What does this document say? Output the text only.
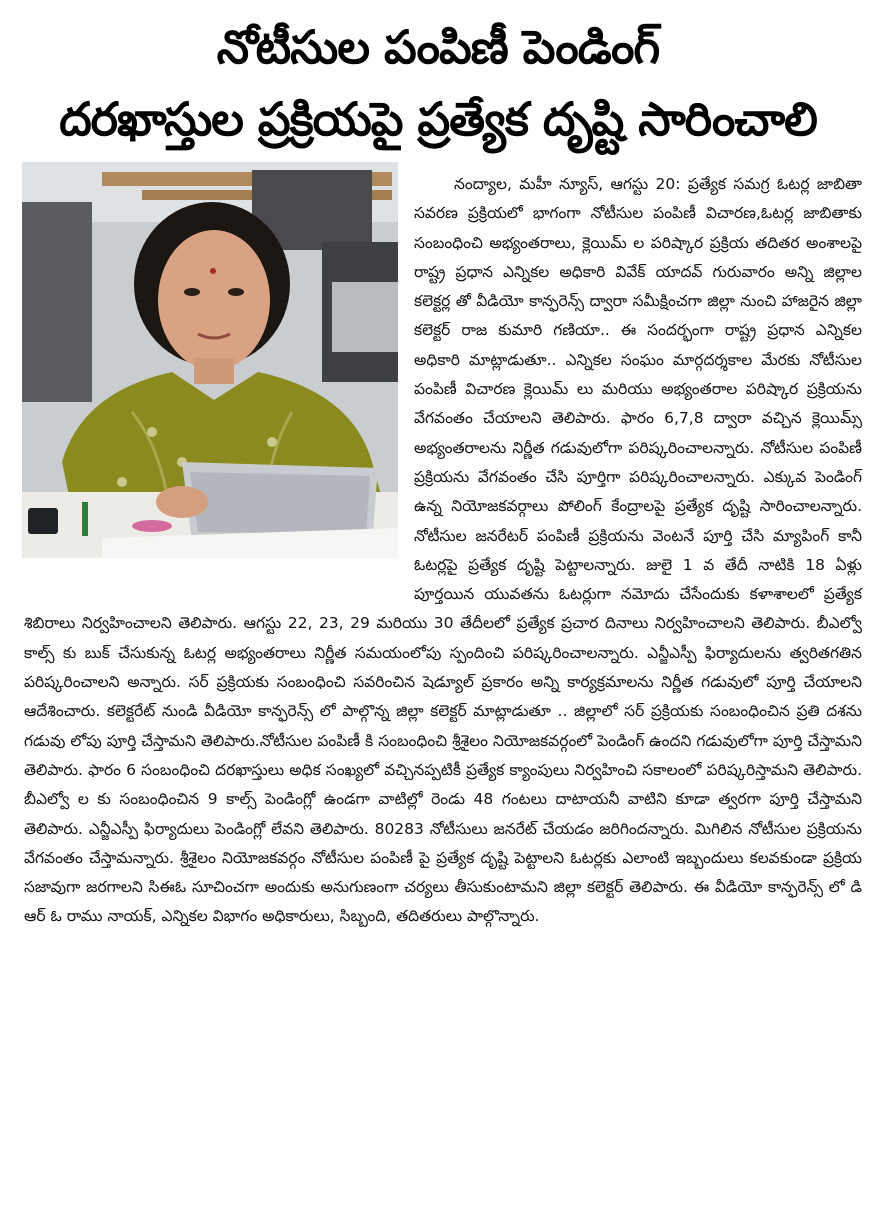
నోటీసుల పంపిణీ పెండింగ్
దరఖాస్తుల ప్రక్రియపై ప్రత్యేక దృష్టి సారించాలి

నంద్యాల, మహీ న్యూస్, ఆగస్టు 20: ప్రత్యేక సమగ్ర ఓటర్ల జాబితా సవరణ ప్రక్రియలో భాగంగా నోటీసుల పంపిణీ విచారణ,ఓటర్ల జాబితాకు సంబంధించి అభ్యంతరాలు, క్లెయిమ్ ల పరిష్కార ప్రక్రియ తదితర అంశాలపై రాష్ట్ర ప్రధాన ఎన్నికల అధికారి వివేక్ యాదవ్ గురువారం అన్ని జిల్లాల కలెక్టర్ల తో వీడియో కాన్ఫరెన్స్ ద్వారా సమీక్షించగా జిల్లా నుంచి హాజరైన జిల్లా కలెక్టర్ రాజ కుమారి గణియా.. ఈ సందర్భంగా రాష్ట్ర ప్రధాన ఎన్నికల అధికారి మాట్లాడుతూ.. ఎన్నికల సంఘం మార్గదర్శకాల మేరకు నోటీసుల పంపిణీ విచారణ క్లెయిమ్ లు మరియు అభ్యంతరాల పరిష్కార ప్రక్రియను వేగవంతం చేయాలని తెలిపారు. ఫారం 6,7,8 ద్వారా వచ్చిన క్లెయిమ్స్ అభ్యంతరాలను నిర్ణీత గడువులోగా పరిష్కరించాలన్నారు. నోటీసుల పంపిణీ ప్రక్రియను వేగవంతం చేసి పూర్తిగా పరిష్కరించాలన్నారు. ఎక్కువ పెండింగ్ ఉన్న నియోజకవర్గాలు పోలింగ్ కేంద్రాలపై ప్రత్యేక దృష్టి సారించాలన్నారు. నోటీసుల జనరేటర్ పంపిణీ ప్రక్రియను వెంటనే పూర్తి చేసి మ్యాపింగ్ కానీ ఓటర్లపై ప్రత్యేక దృష్టి పెట్టాలన్నారు. జులై 1 వ తేదీ నాటికి 18 ఏళ్లు పూర్తయిన యువతను ఓటర్లుగా నమోదు చేసేందుకు కళాశాలలో ప్రత్యేక శిబిరాలు నిర్వహించాలని తెలిపారు. ఆగస్టు 22, 23, 29 మరియు 30 తేదీలలో ప్రత్యేక ప్రచార దినాలు నిర్వహించాలని తెలిపారు. బీఎల్వో కాల్స్ కు బుక్ చేసుకున్న ఓటర్ల అభ్యంతరాలు నిర్ణీత సమయంలోపు స్పందించి పరిష్కరించాలన్నారు. ఎన్జీఎస్పీ ఫిర్యాదులను త్వరితగతిన పరిష్కరించాలని అన్నారు. సర్ ప్రక్రియకు సంబంధించి సవరించిన షెడ్యూల్ ప్రకారం అన్ని కార్యక్రమాలను నిర్ణీత గడువులో పూర్తి చేయాలని ఆదేశించారు. కలెక్టరేట్ నుండి వీడియో కాన్ఫరెన్స్ లో పాల్గొన్న జిల్లా కలెక్టర్ మాట్లాడుతూ .. జిల్లాలో సర్ ప్రక్రియకు సంబంధించిన ప్రతి దశను గడువు లోపు పూర్తి చేస్తామని తెలిపారు.నోటీసుల పంపిణీ కి సంబంధించి శ్రీశైలం నియోజకవర్గంలో పెండింగ్ ఉందని గడువులోగా పూర్తి చేస్తామని తెలిపారు. ఫారం 6 సంబంధించి దరఖాస్తులు అధిక సంఖ్యలో వచ్చినప్పటికీ ప్రత్యేక క్యాంపులు నిర్వహించి సకాలంలో పరిష్కరిస్తామని తెలిపారు. బీఎల్వో ల కు సంబంధించిన 9 కాల్స్ పెండింగ్లో ఉండగా వాటిల్లో రెండు 48 గంటలు దాటాయనీ వాటిని కూడా త్వరగా పూర్తి చేస్తామని తెలిపారు. ఎన్జీఎస్పీ ఫిర్యాదులు పెండింగ్లో లేవని తెలిపారు. 80283 నోటీసులు జనరేట్ చేయడం జరిగిందన్నారు. మిగిలిన నోటీసుల ప్రక్రియను వేగవంతం చేస్తామన్నారు. శ్రీశైలం నియోజకవర్గం నోటీసుల పంపిణీ పై ప్రత్యేక దృష్టి పెట్టాలని ఓటర్లకు ఎలాంటి ఇబ్బందులు కలవకుండా ప్రక్రియ సజావుగా జరగాలని సిఈఓ సూచించగా అందుకు అనుగుణంగా చర్యలు తీసుకుంటామని జిల్లా కలెక్టర్ తెలిపారు. ఈ వీడియో కాన్ఫరెన్స్ లో డి ఆర్ ఓ రాము నాయక్, ఎన్నికల విభాగం అధికారులు, సిబ్బంది, తదితరులు పాల్గొన్నారు.
